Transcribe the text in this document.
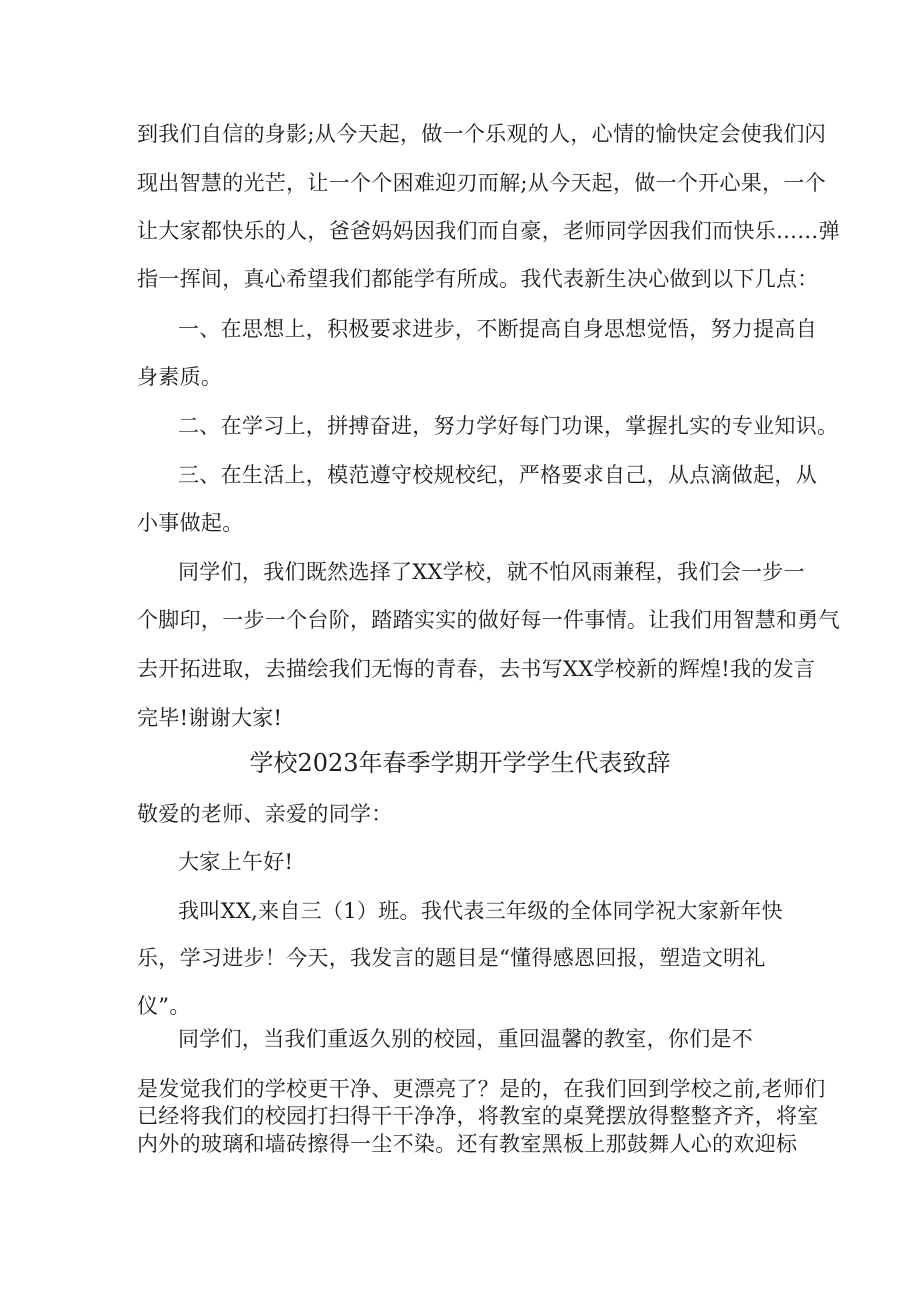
到我们自信的身影;从今天起，做一个乐观的人，心情的愉快定会使我们闪
现出智慧的光芒，让一个个困难迎刃而解;从今天起，做一个开心果，一个
让大家都快乐的人，爸爸妈妈因我们而自豪，老师同学因我们而快乐……弹
指一挥间，真心希望我们都能学有所成。我代表新生决心做到以下几点：
一、在思想上，积极要求进步，不断提高自身思想觉悟，努力提高自
身素质。
二、在学习上，拼搏奋进，努力学好每门功课，掌握扎实的专业知识。
三、在生活上，模范遵守校规校纪，严格要求自己，从点滴做起，从
小事做起。
同学们，我们既然选择了XX学校，就不怕风雨兼程，我们会一步一
个脚印，一步一个台阶，踏踏实实的做好每一件事情。让我们用智慧和勇气
去开拓进取，去描绘我们无悔的青春，去书写XX学校新的辉煌!我的发言
完毕!谢谢大家!
学校2023年春季学期开学学生代表致辞
敬爱的老师、亲爱的同学：
大家上午好!
我叫XX,来自三（1）班。我代表三年级的全体同学祝大家新年快
乐，学习进步！今天，我发言的题目是“懂得感恩回报，塑造文明礼
仪”。
同学们，当我们重返久别的校园，重回温馨的教室，你们是不
是发觉我们的学校更干净、更漂亮了？是的，在我们回到学校之前,老师们
已经将我们的校园打扫得干干净净，将教室的桌凳摆放得整整齐齐，将室
内外的玻璃和墙砖擦得一尘不染。还有教室黑板上那鼓舞人心的欢迎标
